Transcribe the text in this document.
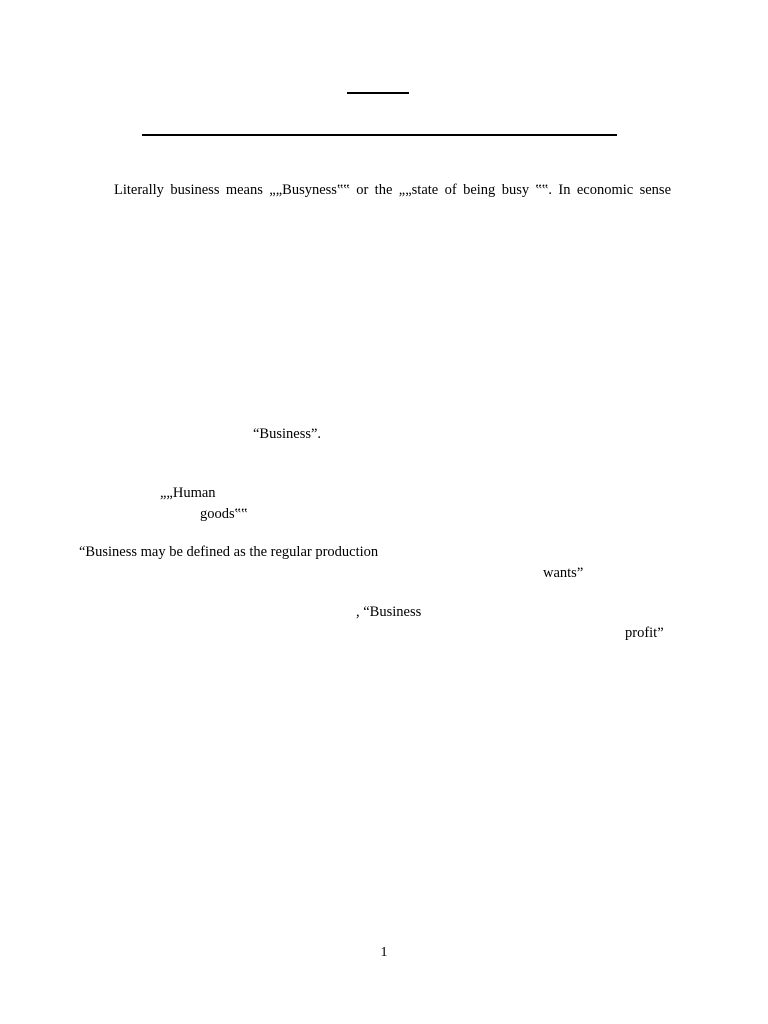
Literally business means „„Busyness‟‟ or the „„state of being busy ‟‟. In economic sense
“Business”.
„„Human
goods‟‟
“Business may be defined as the regular production
wants”
, “Business
profit”
1
